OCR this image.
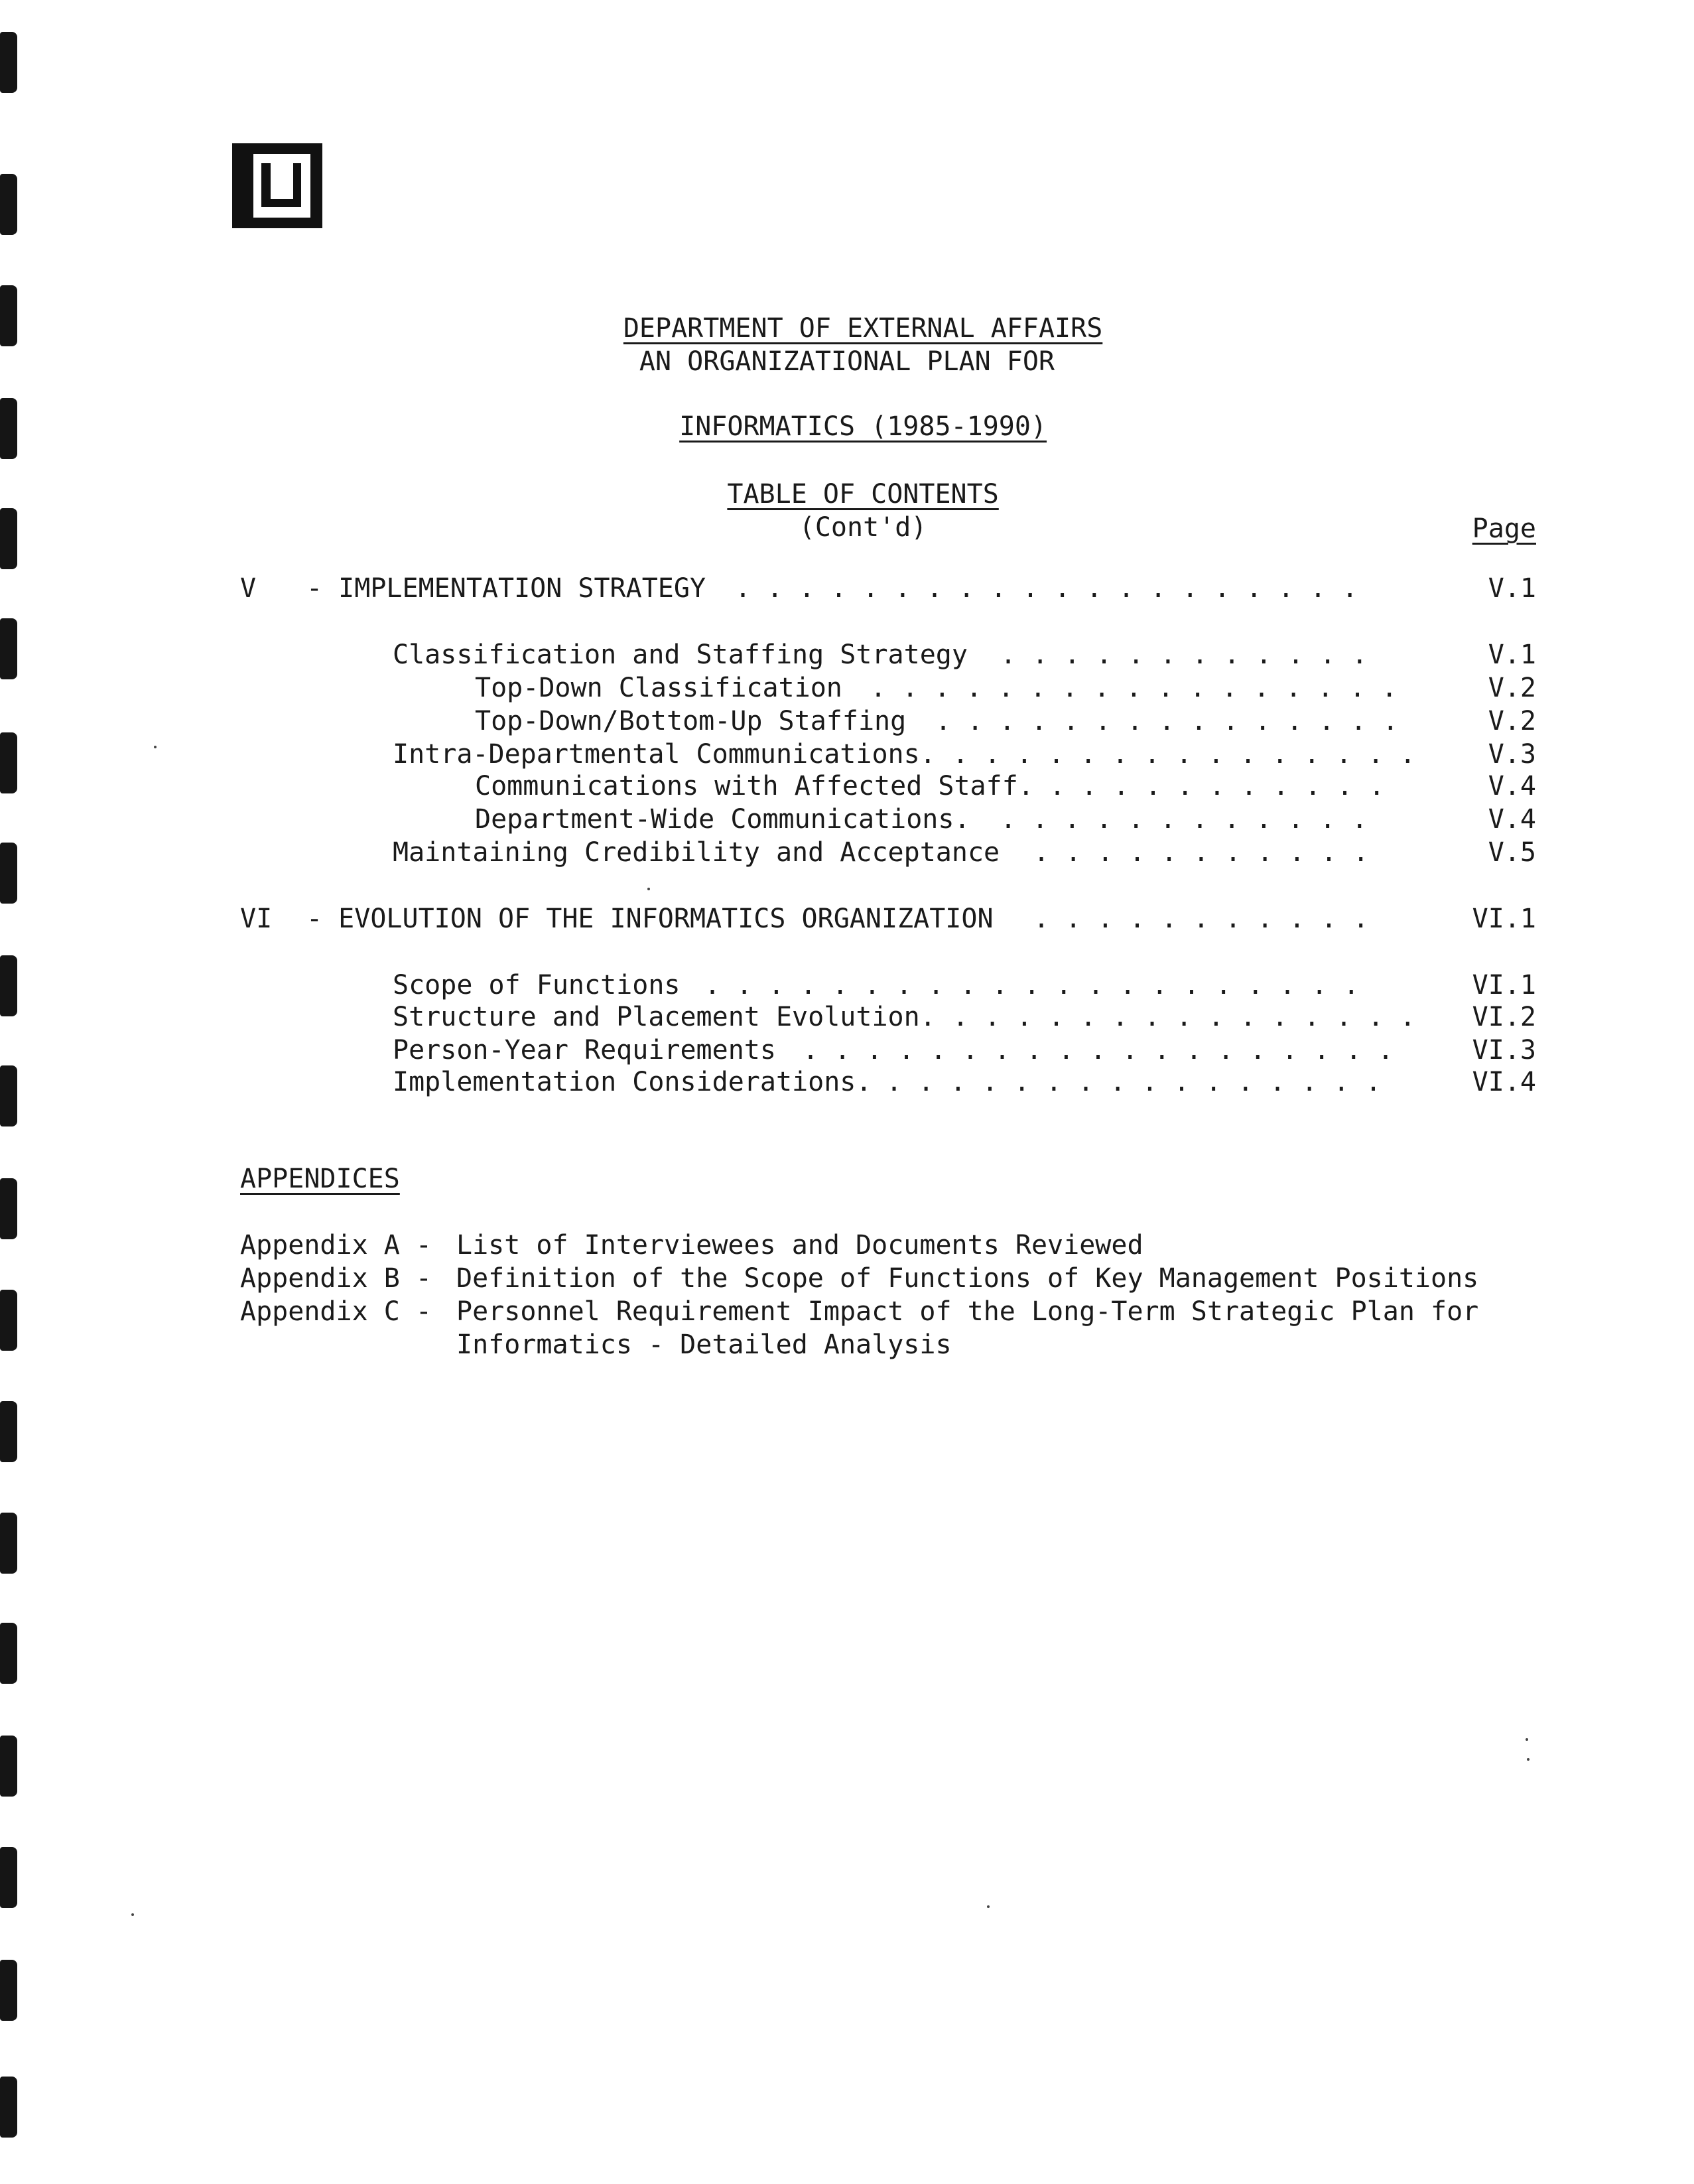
DEPARTMENT OF EXTERNAL AFFAIRS

AN ORGANIZATIONAL PLAN FOR

INFORMATICS (1985-1990)

TABLE OF CONTENTS
(Cont'd)	Page
V - IMPLEMENTATION STRATEGY . . . . . . . . . . . . . . . . . . . .	V.1
Classification and Staffing Strategy . . . . . . . . . . . .	V.1
Top-Down Classification . . . . . . . . . . . . . . . . .	V.2
Top-Down/Bottom-Up Staffing . . . . . . . . . . . . . . .	V.2
Intra-Departmental Communications. . . . . . . . . . . . . . . .	V.3
Communications with Affected Staff. . . . . . . . . . . .	V.4
Department-Wide Communications. . . . . . . . . . . . .	V.4
Maintaining Credibility and Acceptance . . . . . . . . . . .	V.5
VI - EVOLUTION OF THE INFORMATICS ORGANIZATION . . . . . . . . . . .	VI.1
Scope of Functions . . . . . . . . . . . . . . . . . . . . .	VI.1
Structure and Placement Evolution. . . . . . . . . . . . . . . . VI.2
Person-Year Requirements . . . . . . . . . . . . . . . . . . .	VI.3
Implementation Considerations. . . . . . . . . . . . . . . . .	VI.4
APPENDICES
Appendix A - List of Interviewees and Documents Reviewed
Appendix B - Definition of the Scope of Functions of Key Management Positions
Appendix C - Personnel Requirement Impact of the Long-Term Strategic Plan for
Informatics - Detailed Analysis
